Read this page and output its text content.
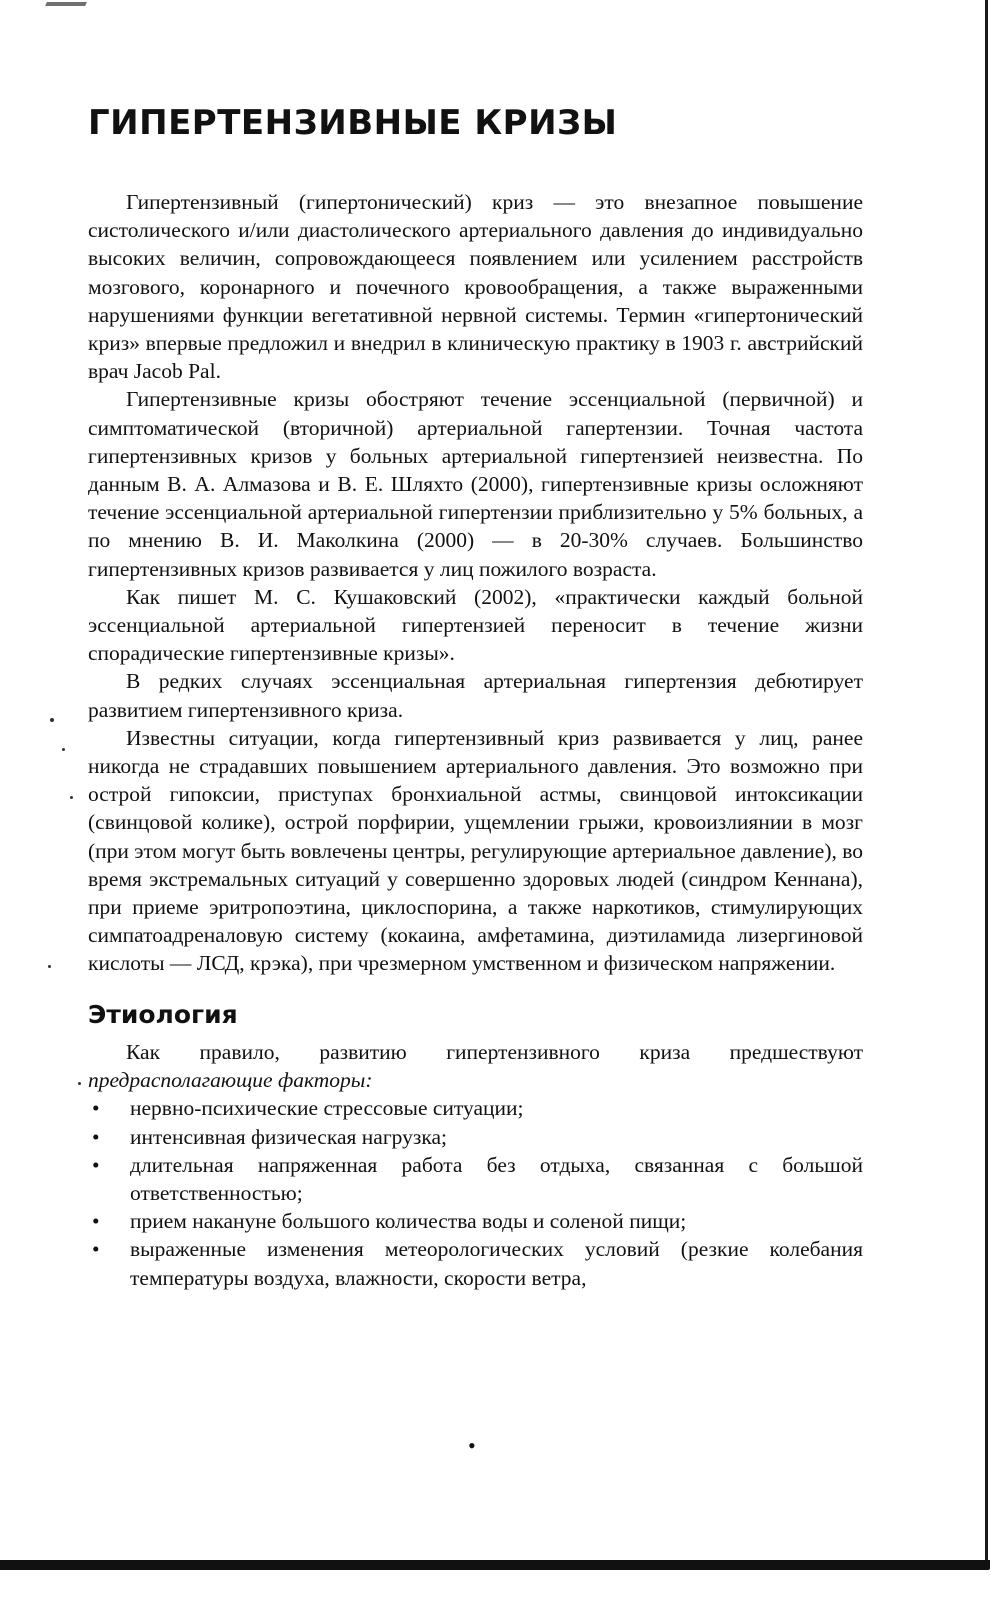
ГИПЕРТЕНЗИВНЫЕ КРИЗЫ

Гипертензивный (гипертонический) криз — это внезапное повышение систолического и/или диастолического артериального давления до индивидуально высоких величин, сопровождающееся появлением или усилением расстройств мозгового, коронарного и почечного кровообращения, а также выраженными нарушениями функции вегетативной нервной системы. Термин «гипертонический криз» впервые предложил и внедрил в клиническую практику в 1903 г. австрийский врач Jacob Pal.

Гипертензивные кризы обостряют течение эссенциальной (первичной) и симптоматической (вторичной) артериальной гапертензии. Точная частота гипертензивных кризов у больных артериальной гипертензией неизвестна. По данным В. А. Алмазова и В. Е. Шляхто (2000), гипертензивные кризы осложняют течение эссенциальной артериальной гипертензии приблизительно у 5% больных, а по мнению В. И. Маколкина (2000) — в 20-30% случаев. Большинство гипертензивных кризов развивается у лиц пожилого возраста.

Как пишет М. С. Кушаковский (2002), «практически каждый больной эссенциальной артериальной гипертензией переносит в течение жизни спорадические гипертензивные кризы».

В редких случаях эссенциальная артериальная гипертензия дебютирует развитием гипертензивного криза.

Известны ситуации, когда гипертензивный криз развивается у лиц, ранее никогда не страдавших повышением артериального давления. Это возможно при острой гипоксии, приступах бронхиальной астмы, свинцовой интоксикации (свинцовой колике), острой порфирии, ущемлении грыжи, кровоизлиянии в мозг (при этом могут быть вовлечены центры, регулирующие артериальное давление), во время экстремальных ситуаций у совершенно здоровых людей (синдром Кеннана), при приеме эритропоэтина, циклоспорина, а также наркотиков, стимулирующих симпатоадреналовую систему (кокаина, амфетамина, диэтиламида лизергиновой кислоты — ЛСД, крэка), при чрезмерном умственном и физическом напряжении.

Этиология

Как правило, развитию гипертензивного криза предшествуют предрасполагающие факторы:

• нервно-психические стрессовые ситуации;
• интенсивная физическая нагрузка;
• длительная напряженная работа без отдыха, связанная с большой ответственностью;
• прием накануне большого количества воды и соленой пищи;
• выраженные изменения метеорологических условий (резкие колебания температуры воздуха, влажности, скорости ветра,
•
